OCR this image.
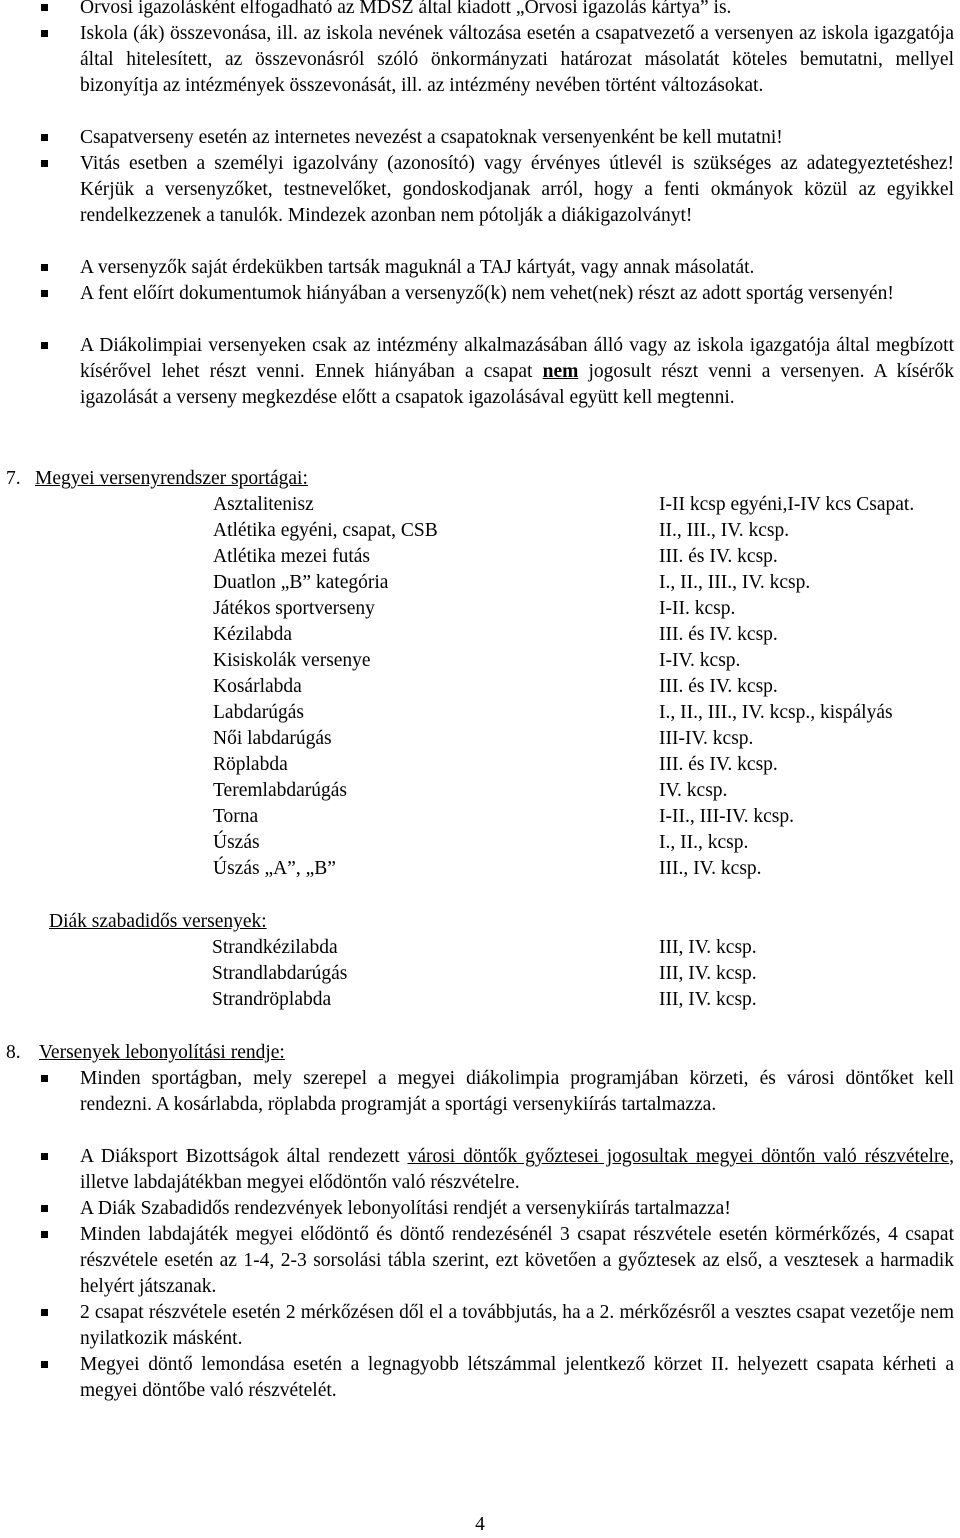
Orvosi igazolásként elfogadható az MDSZ által kiadott „Orvosi igazolás kártya” is.
Iskola (ák) összevonása, ill. az iskola nevének változása esetén a csapatvezető a versenyen az iskola igazgatója által hitelesített, az összevonásról szóló önkormányzati határozat másolatát köteles bemutatni, mellyel bizonyítja az intézmények összevonását, ill. az intézmény nevében történt változásokat.
Csapatverseny esetén az internetes nevezést a csapatoknak versenyenként be kell mutatni!
Vitás esetben a személyi igazolvány (azonosító) vagy érvényes útlevél is szükséges az adategyeztetéshez! Kérjük a versenyzőket, testnevelőket, gondoskodjanak arról, hogy a fenti okmányok közül az egyikkel rendelkezzenek a tanulók. Mindezek azonban nem pótolják a diákigazolványt!
A versenyzők saját érdekükben tartsák maguknál a TAJ kártyát, vagy annak másolatát.
A fent előírt dokumentumok hiányában a versenyző(k) nem vehet(nek) részt az adott sportág versenyén!
A Diákolimpiai versenyeken csak az intézmény alkalmazásában álló vagy az iskola igazgatója által megbízott kísérővel lehet részt venni. Ennek hiányában a csapat nem jogosult részt venni a versenyen. A kísérők igazolását a verseny megkezdése előtt a csapatok igazolásával együtt kell megtenni.
7. Megyei versenyrendszer sportágai:
Asztalitenisz	I-II kcsp egyéni,I-IV kcs Csapat.
Atlétika egyéni, csapat, CSB	II., III., IV. kcsp.
Atlétika mezei futás	III. és IV. kcsp.
Duatlon „B” kategória	I., II., III., IV. kcsp.
Játékos sportverseny	I-II. kcsp.
Kézilabda	III. és IV. kcsp.
Kisiskolák versenye	I-IV. kcsp.
Kosárlabda	III. és IV. kcsp.
Labdarúgás	I., II., III., IV. kcsp., kispályás
Női labdarúgás	III-IV. kcsp.
Röplabda	III. és IV. kcsp.
Teremlabdarúgás	IV. kcsp.
Torna	I-II., III-IV. kcsp.
Úszás	I., II., kcsp.
Úszás „A”, „B”	III., IV. kcsp.
Diák szabadidős versenyek:
Strandkézilabda	III, IV. kcsp.
Strandlabdarúgás	III, IV. kcsp.
Strandröplabda	III, IV. kcsp.
8. Versenyek lebonyolítási rendje:
Minden sportágban, mely szerepel a megyei diákolimpia programjában körzeti, és városi döntőket kell rendezni. A kosárlabda, röplabda programját a sportági versenykiírás tartalmazza.
A Diáksport Bizottságok által rendezett városi döntők győztesei jogosultak megyei döntőn való részvételre, illetve labdajátékban megyei elődöntőn való részvételre.
A Diák Szabadidős rendezvények lebonyolítási rendjét a versenykiírás tartalmazza!
Minden labdajáték megyei elődöntő és döntő rendezésénél 3 csapat részvétele esetén körmérkőzés, 4 csapat részvétele esetén az 1-4, 2-3 sorsolási tábla szerint, ezt követően a győztesek az első, a vesztesek a harmadik helyért játszanak.
2 csapat részvétele esetén 2 mérkőzésen dől el a továbbjutás, ha a 2. mérkőzésről a vesztes csapat vezetője nem nyilatkozik másként.
Megyei döntő lemondása esetén a legnagyobb létszámmal jelentkező körzet II. helyezett csapata kérheti a megyei döntőbe való részvételét.
4
